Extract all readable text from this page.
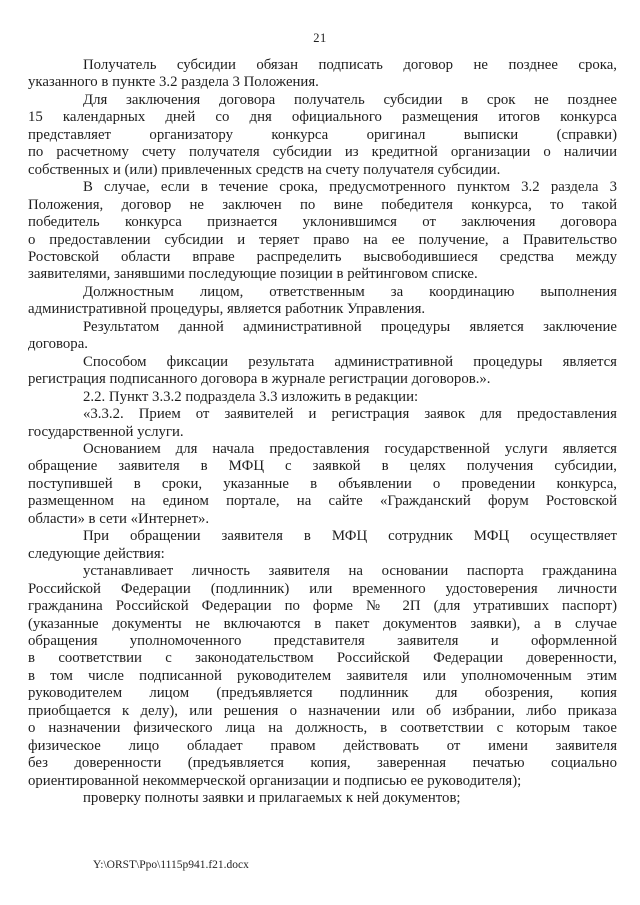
21
Получатель субсидии обязан подписать договор не позднее срока,
указанного в пункте 3.2 раздела 3 Положения.
Для заключения договора получатель субсидии в срок не позднее
15 календарных дней со дня официального размещения итогов конкурса
представляет организатору конкурса оригинал выписки (справки)
по расчетному счету получателя субсидии из кредитной организации о наличии
собственных и (или) привлеченных средств на счету получателя субсидии.
В случае, если в течение срока, предусмотренного пунктом 3.2 раздела 3
Положения, договор не заключен по вине победителя конкурса, то такой
победитель конкурса признается уклонившимся от заключения договора
о предоставлении субсидии и теряет право на ее получение, а Правительство
Ростовской области вправе распределить высвободившиеся средства между
заявителями, занявшими последующие позиции в рейтинговом списке.
Должностным лицом, ответственным за координацию выполнения
административной процедуры, является работник Управления.
Результатом данной административной процедуры является заключение
договора.
Способом фиксации результата административной процедуры является
регистрация подписанного договора в журнале регистрации договоров.».
2.2. Пункт 3.3.2 подраздела 3.3 изложить в редакции:
«3.3.2. Прием от заявителей и регистрация заявок для предоставления
государственной услуги.
Основанием для начала предоставления государственной услуги является
обращение заявителя в МФЦ с заявкой в целях получения субсидии,
поступившей в сроки, указанные в объявлении о проведении конкурса,
размещенном на едином портале, на сайте «Гражданский форум Ростовской
области» в сети «Интернет».
При обращении заявителя в МФЦ сотрудник МФЦ осуществляет
следующие действия:
устанавливает личность заявителя на основании паспорта гражданина
Российской Федерации (подлинник) или временного удостоверения личности
гражданина Российской Федерации по форме № 2П (для утративших паспорт)
(указанные документы не включаются в пакет документов заявки), а в случае
обращения уполномоченного представителя заявителя и оформленной
в соответствии с законодательством Российской Федерации доверенности,
в том числе подписанной руководителем заявителя или уполномоченным этим
руководителем лицом (предъявляется подлинник для обозрения, копия
приобщается к делу), или решения о назначении или об избрании, либо приказа
о назначении физического лица на должность, в соответствии с которым такое
физическое лицо обладает правом действовать от имени заявителя
без доверенности (предъявляется копия, заверенная печатью социально
ориентированной некоммерческой организации и подписью ее руководителя);
проверку полноты заявки и прилагаемых к ней документов;
Y:\ORST\Ppo\1115p941.f21.docx
